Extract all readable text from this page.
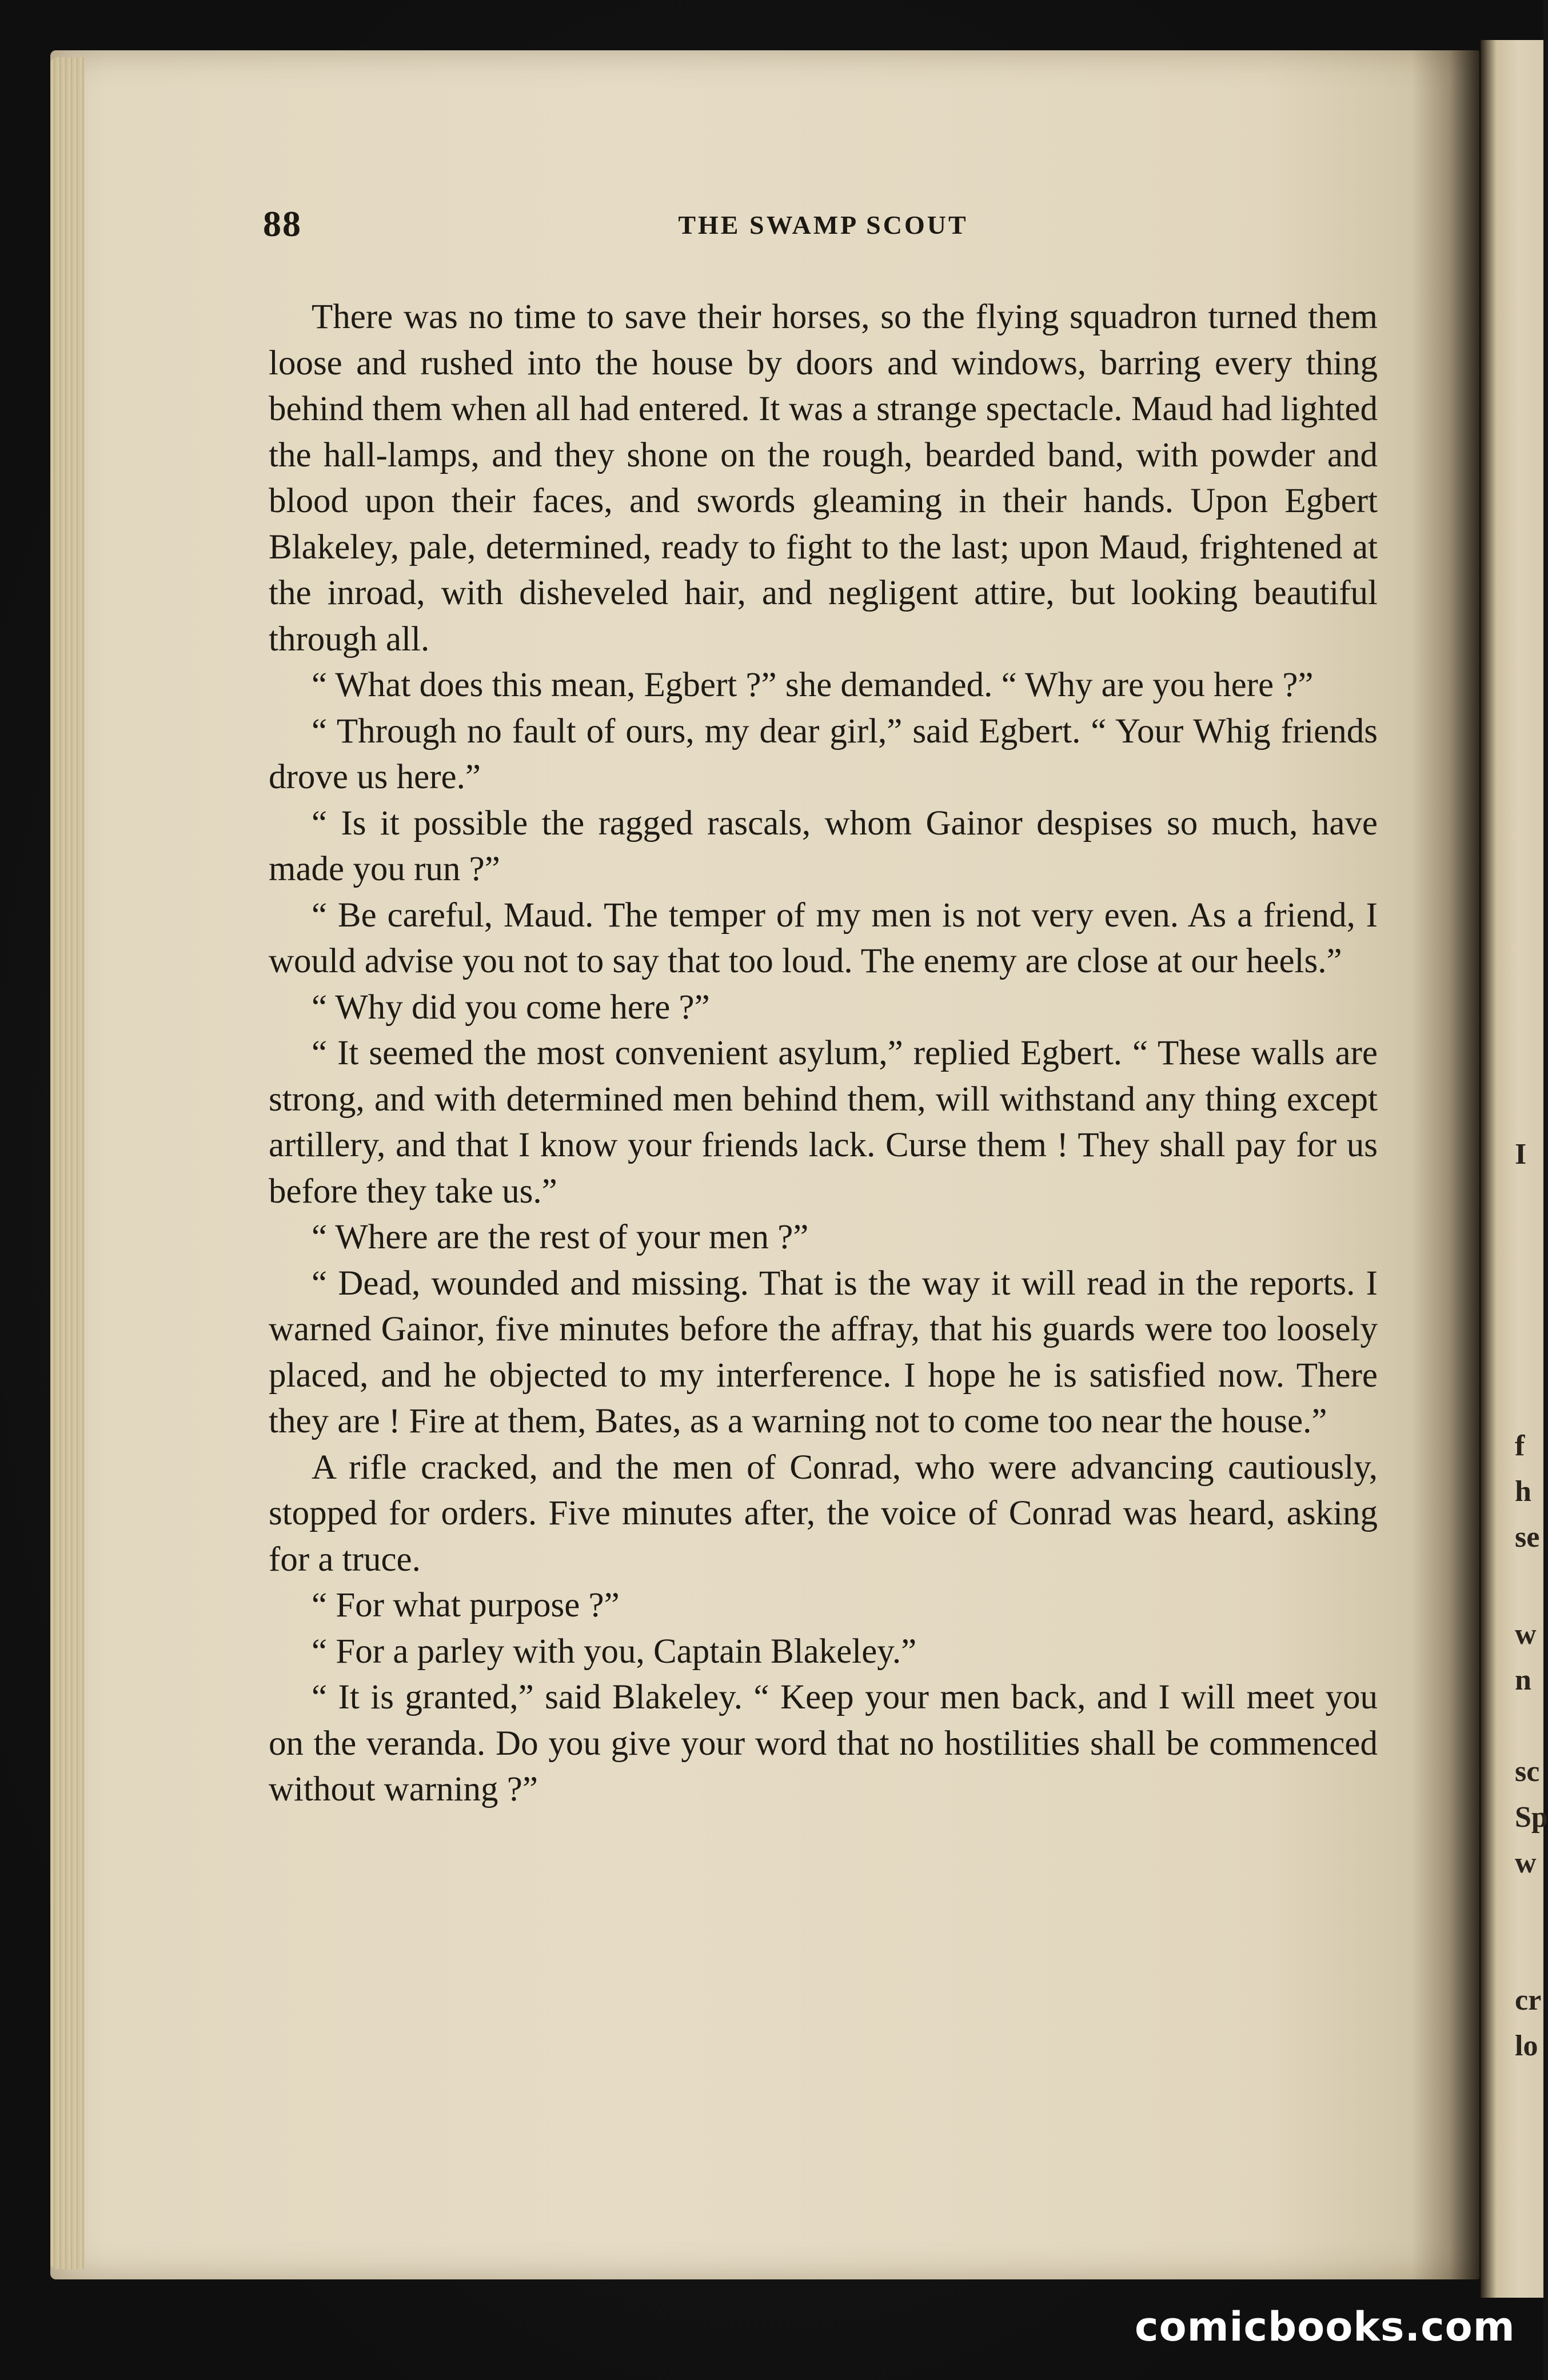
88	THE SWAMP SCOUT

There was no time to save their horses, so the flying squadron turned them loose and rushed into the house by doors and windows, barring every thing behind them when all had entered. It was a strange spectacle. Maud had lighted the hall-lamps, and they shone on the rough, bearded band, with powder and blood upon their faces, and swords gleaming in their hands. Upon Egbert Blakeley, pale, determined, ready to fight to the last; upon Maud, frightened at the inroad, with disheveled hair, and negligent attire, but looking beautiful through all.

“ What does this mean, Egbert ?” she demanded. “ Why are you here ?”

“ Through no fault of ours, my dear girl,” said Egbert. “ Your Whig friends drove us here.”

“ Is it possible the ragged rascals, whom Gainor despises so much, have made you run ?”

“ Be careful, Maud. The temper of my men is not very even. As a friend, I would advise you not to say that too loud. The enemy are close at our heels.”

“ Why did you come here ?”

“ It seemed the most convenient asylum,” replied Egbert. “ These walls are strong, and with determined men behind them, will withstand any thing except artillery, and that I know your friends lack. Curse them ! They shall pay for us before they take us.”

“ Where are the rest of your men ?”

“ Dead, wounded and missing. That is the way it will read in the reports. I warned Gainor, five minutes before the affray, that his guards were too loosely placed, and he objected to my interference. I hope he is satisfied now. There they are ! Fire at them, Bates, as a warning not to come too near the house.”

A rifle cracked, and the men of Conrad, who were advancing cautiously, stopped for orders. Five minutes after, the voice of Conrad was heard, asking for a truce.

“ For what purpose ?”

“ For a parley with you, Captain Blakeley.”

“ It is granted,” said Blakeley. “ Keep your men back, and I will meet you on the veranda. Do you give your word that no hostilities shall be commenced without warning ?”

I
f
h
se
w
n
sc
Sp
w
cr
lo
comicbooks.com
